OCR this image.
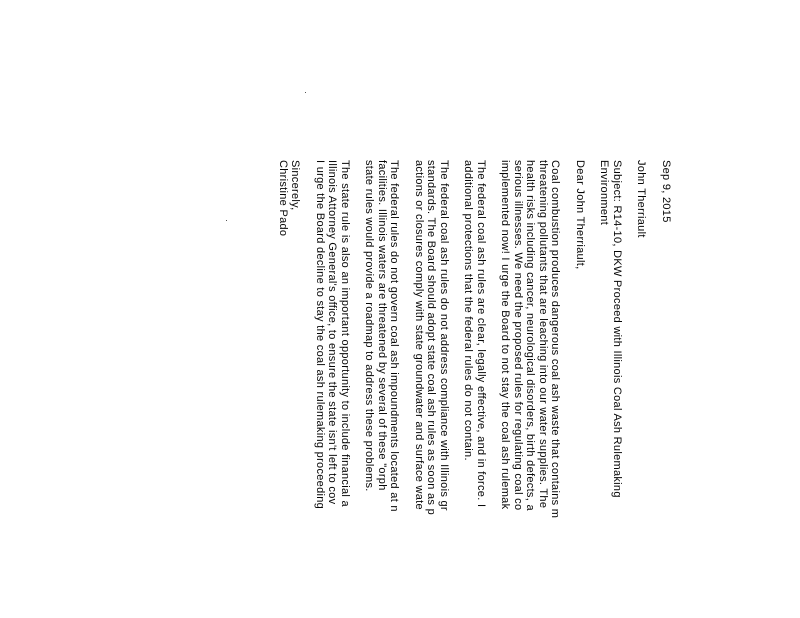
Sep 9, 2015

John Therriault

Subject: R14-10, DKW Proceed with Illinois Coal Ash Rulemaking

Environment

Dear John Therriault,

Coal combustion produces dangerous coal ash waste that contains m

threatening pollutants that are leaching into our water supplies. The

health risks including cancer, neurological disorders, birth defects, a

serious illnesses. We need the proposed rules for regulating coal co

implemented now! I urge the Board to not stay the coal ash rulemak

The federal coal ash rules are clear, legally effective, and in force. I

additional protections that the federal rules do not contain.

The federal coal ash rules do not address compliance with Illinois gr

standards. The Board should adopt state coal ash rules as soon as p

actions or closures comply with state groundwater and surface wate

The federal rules do not govern coal ash impoundments located at n

facilities. Illinois waters are threatened by several of these "orph

state rules would provide a roadmap to address these problems.

The state rule is also an important opportunity to include financial a

Illinois Attorney General's office, to ensure the state isn't left to cov

I urge the Board decline to stay the coal ash rulemaking proceeding

Sincerely,

Christine Pado
